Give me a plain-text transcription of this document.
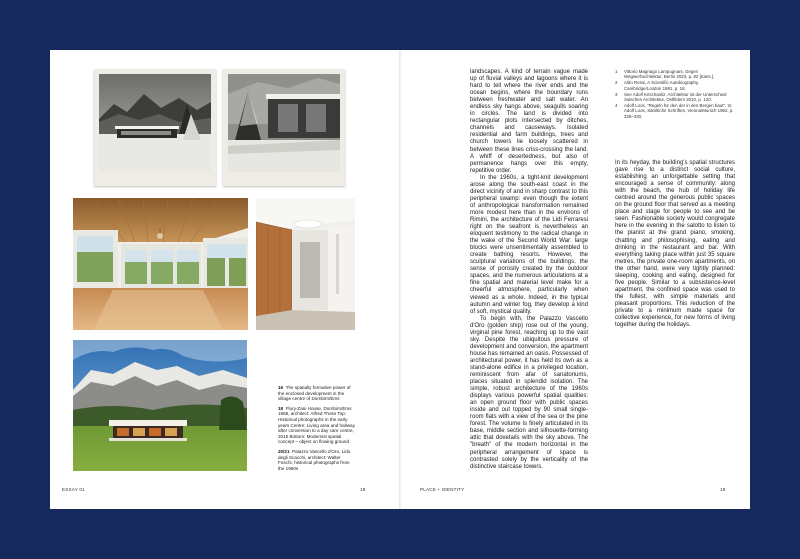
16 The spatially formative power of the enclosed development in the village centre of Dornbirn/Ems

18 Flury-Zani House, Dornbirn/Ems 1965, architect: Alfred Thoss Top: Historical photographs in the early years Centre: Living area and hallway after conversion to a day care centre, 2015 Bottom: Modernist spatial concept – object on flowing ground

20/21 Palazzo Vascello d'Oro, Lido degli Scacchi, architect: Walter Foschi; historical photographs from the 1960s

ESSAY 01	18

landscapes. A kind of terrain vague made up of fluvial valleys and lagoons where it is hard to tell where the river ends and the ocean begins, where the boundary runs between freshwater and salt water. An endless sky hangs above, seagulls soaring in circles. The land is divided into rectangular plots intersected by ditches, channels and causeways. Isolated residential and farm buildings, trees and church towers lie loosely scattered in between these lines criss-crossing the land. A whiff of desertedness, but also of permanence hangs over this empty, repetitive order.

In the 1960s, a tight-knit development arose along the south-east coast in the direct vicinity of and in sharp contrast to this peripheral swamp: even though the extent of anthropological transformation remained more modest here than in the environs of Rimini, the architecture of the Lidi Ferraresi right on the seafront is nevertheless an eloquent testimony to the radical change in the wake of the Second World War: large blocks were unsentimentally assembled to create bathing resorts. However, the sculptural variations of the buildings, the sense of porosity created by the outdoor spaces, and the numerous articulations at a fine spatial and material level make for a cheerful atmosphere, particularly when viewed as a whole. Indeed, in the typical autumn and winter fog, they develop a kind of soft, mystical quality.

To begin with, the Palazzo Vascello d'Oro (golden ship) rose out of the young, virginal pine forest, reaching up to the vast sky. Despite the ubiquitous pressure of development and conversion, the apartment house has remained an oasis. Possessed of architectural power, it has held its own as a stand-alone edifice in a privileged location, reminiscent from afar of sanatoriums, places situated in splendid isolation. The simple, robust architecture of the 1960s displays various powerful spatial qualities: an open ground floor with public spaces inside and out topped by 90 small single-room flats with a view of the sea or the pine forest. The volume is finely articulated in its base, middle section and silhouette-forming attic that dovetails with the sky above. The "breath" of the modern horizontal in the peripheral arrangement of space is contrasted solely by the verticality of the distinctive staircase towers.

1	Vittorio Magnago Lampugnani, Gegen Wegwerfarchitektur, Berlin 2023, p. 82 [trans.].
2	Aldo Rossi, A Scientific Autobiography, Cambridge/London 1981, p. 16.
3	See Adolf Krischanitz, Architektur ist der Unterschied zwischen Architektur, Ostfildern 2010, p. 120.
4	Adolf Loos, "Regeln für den der in den Bergen baut". In: Adolf Loos, Sämtliche Schriften, Vienna/Munich 1962, p. 329–330.

In its heyday, the building's spatial structures gave rise to a distinct social culture, establishing an unforgettable setting that encouraged a sense of community: along with the beach, the hub of holiday life centred around the generous public spaces on the ground floor that served as a meeting place and stage for people to see and be seen. Fashionable society would congregate here in the evening in the salotto to listen to the pianist at the grand piano, smoking, chatting and philosophising, eating and drinking in the restaurant and bar. With everything taking place within just 35 square metres, the private one-room apartments, on the other hand, were very tightly planned: sleeping, cooking and eating, designed for five people. Similar to a subsistence-level apartment, the confined space was used to the fullest, with simple materials and pleasant proportions. This reduction of the private to a minimum made space for collective experience, for new forms of living together during the holidays.

PLACE + IDENTITY	19
